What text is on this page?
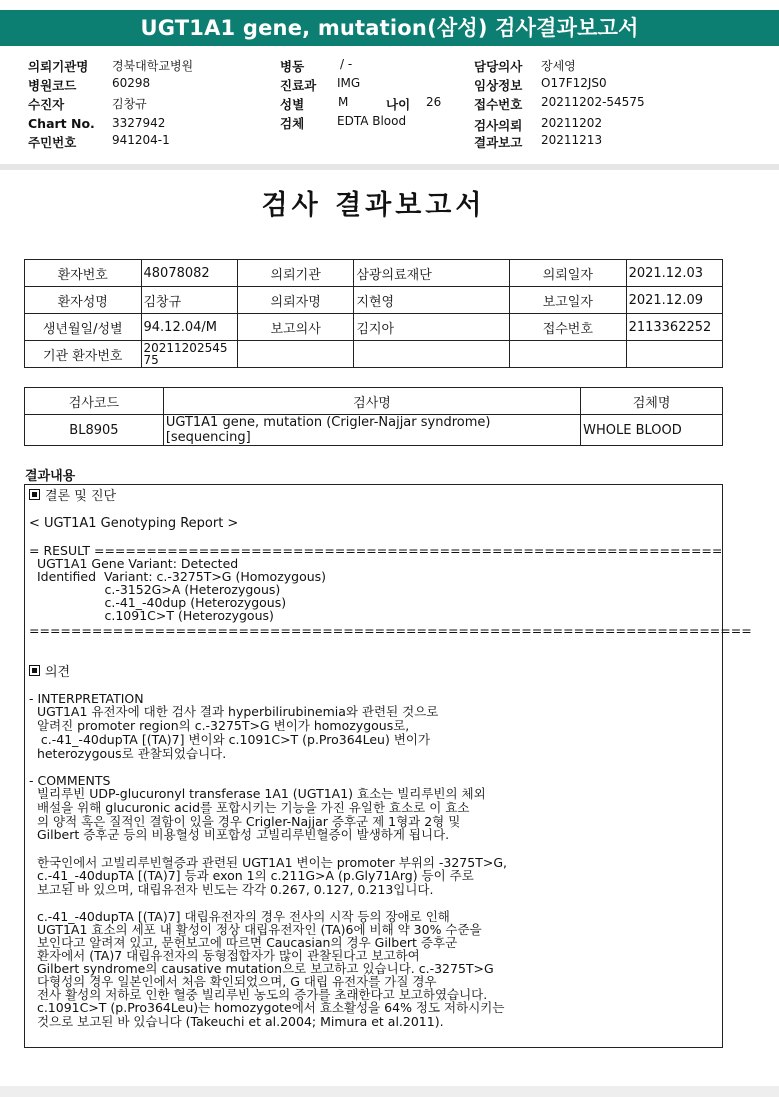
UGT1A1 gene, mutation(삼성) 검사결과보고서
의뢰기관명 경북대학교병원
병원코드	60298
수진자	김창규
Chart No. 3327942
주민번호	941204-1
병동	/ -
진료과 IMG
성별	M	나이 26
검체	EDTA Blood
담당의사 장세영
임상정보 O17F12JS0
접수번호 20211202-54575
검사의뢰 20211202
결과보고 20211213
검사 결과보고서
환자번호	48078082	의뢰기관	삼광의료재단	의뢰일자	2021.12.03
환자성명	김창규	의뢰자명	지현영	보고일자	2021.12.09
생년월일/성별	94.12.04/M	보고의사	김지아	접수번호	2113362252
기관 환자번호	2021120254575				
검사코드	검사명	검체명
BL8905	UGT1A1 gene, mutation (Crigler-Najjar syndrome) [sequencing]	WHOLE BLOOD
결과내용
결론 및 진단
< UGT1A1 Genotyping Report >
= RESULT ============================================================
UGT1A1 Gene Variant: Detected
Identified  Variant: c.-3275T>G (Homozygous)
c.-3152G>A (Heterozygous)
c.-41_-40dup (Heterozygous)
c.1091C>T (Heterozygous)
=====================================================================
의견
- INTERPRETATION
UGT1A1 유전자에 대한 검사 결과 hyperbilirubinemia와 관련된 것으로
알려진 promoter region의 c.-3275T>G 변이가 homozygous로,
c.-41_-40dupTA [(TA)7] 변이와 c.1091C>T (p.Pro364Leu) 변이가
heterozygous로 관찰되었습니다.
- COMMENTS
빌리루빈 UDP-glucuronyl transferase 1A1 (UGT1A1) 효소는 빌리루빈의 체외
배설을 위해 glucuronic acid를 포합시키는 기능을 가진 유일한 효소로 이 효소
의 양적 혹은 질적인 결함이 있을 경우 Crigler-Najjar 증후군 제 1형과 2형 및
Gilbert 증후군 등의 비용혈성 비포합성 고빌리루빈혈증이 발생하게 됩니다.
한국인에서 고빌리루빈혈증과 관련된 UGT1A1 변이는 promoter 부위의 -3275T>G,
c.-41_-40dupTA [(TA)7] 등과 exon 1의 c.211G>A (p.Gly71Arg) 등이 주로
보고된 바 있으며, 대립유전자 빈도는 각각 0.267, 0.127, 0.213입니다.
c.-41_-40dupTA [(TA)7] 대립유전자의 경우 전사의 시작 등의 장애로 인해
UGT1A1 효소의 세포 내 활성이 정상 대립유전자인 (TA)6에 비해 약 30% 수준을
보인다고 알려져 있고, 문헌보고에 따르면 Caucasian의 경우 Gilbert 증후군
환자에서 (TA)7 대립유전자의 동형접합자가 많이 관찰된다고 보고하여
Gilbert syndrome의 causative mutation으로 보고하고 있습니다. c.-3275T>G
다형성의 경우 일본인에서 처음 확인되었으며, G 대립 유전자를 가질 경우
전사 활성의 저하로 인한 혈중 빌리루빈 농도의 증가를 초래한다고 보고하였습니다.
c.1091C>T (p.Pro364Leu)는 homozygote에서 효소활성을 64% 정도 저하시키는
것으로 보고된 바 있습니다 (Takeuchi et al.2004; Mimura et al.2011).
